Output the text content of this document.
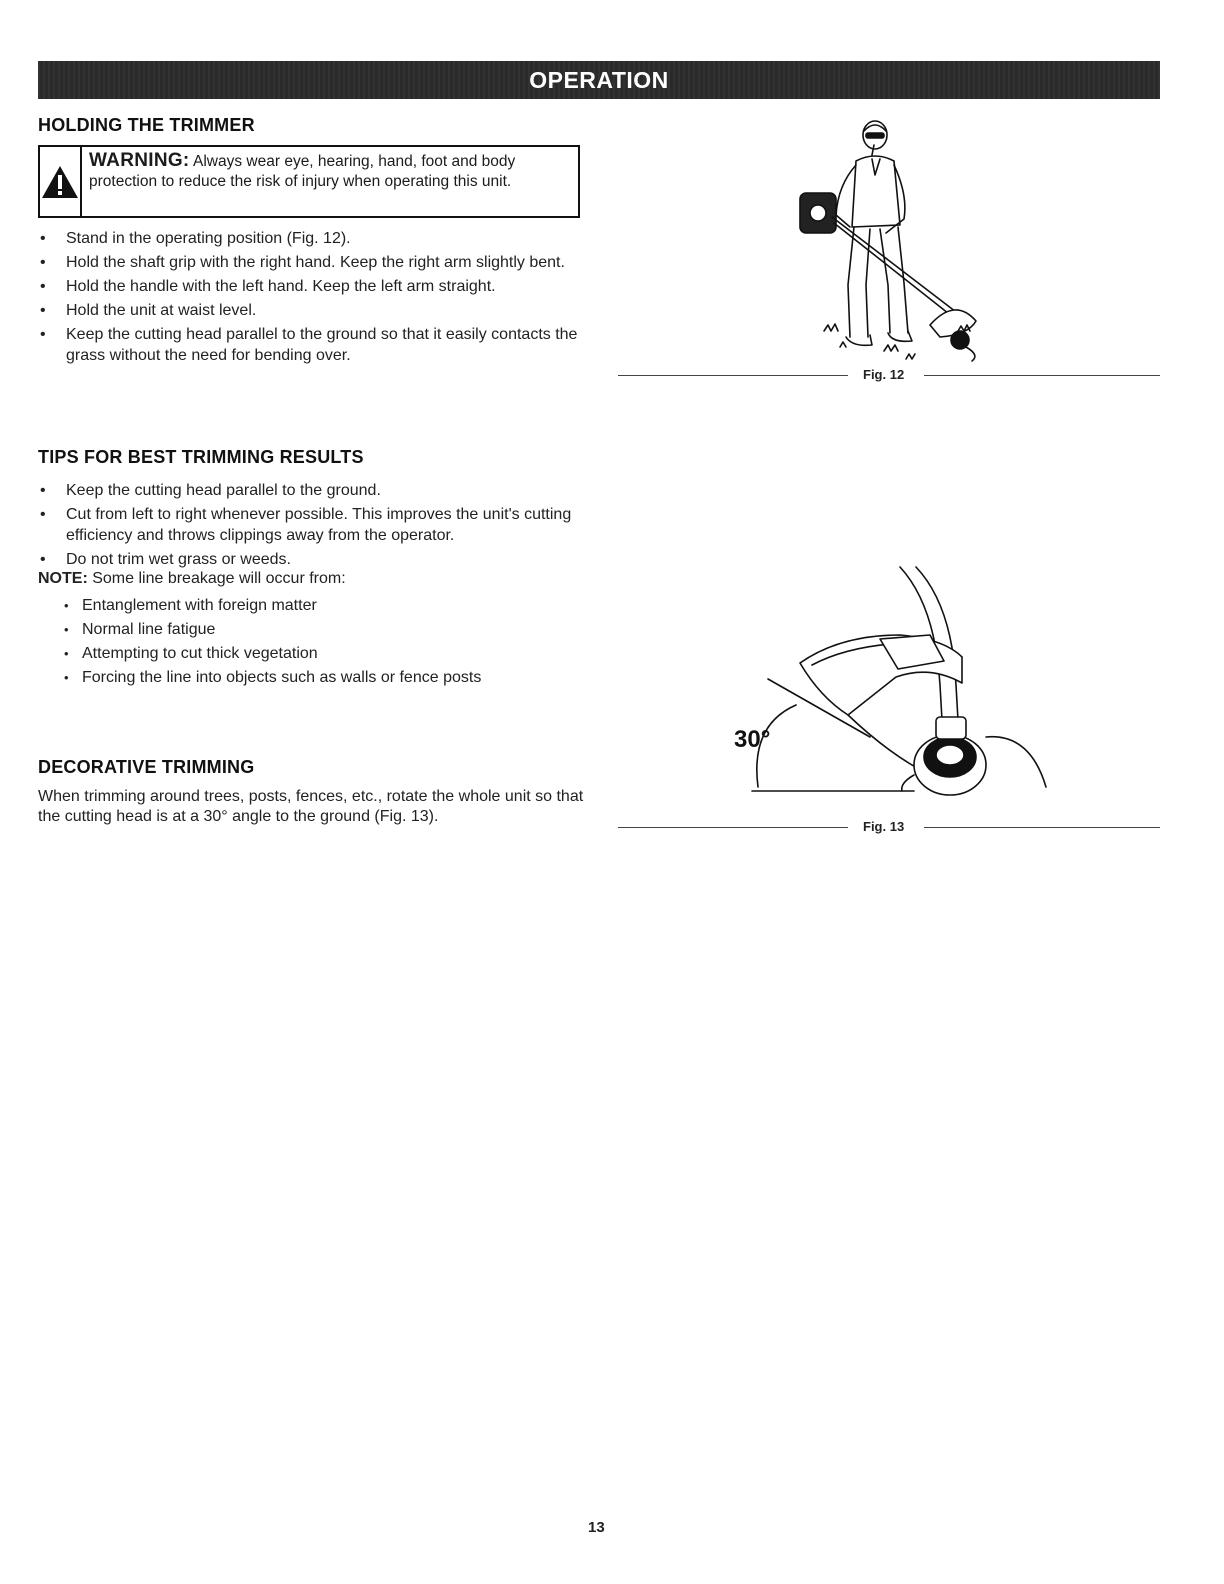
OPERATION
HOLDING THE TRIMMER
WARNING: Always wear eye, hearing, hand, foot and body protection to reduce the risk of injury when operating this unit.
• Stand in the operating position (Fig. 12).
• Hold the shaft grip with the right hand. Keep the right arm slightly bent.
• Hold the handle with the left hand. Keep the left arm straight.
• Hold the unit at waist level.
• Keep the cutting head parallel to the ground so that it easily contacts the grass without the need for bending over.
TIPS FOR BEST TRIMMING RESULTS
• Keep the cutting head parallel to the ground.
• Cut from left to right whenever possible. This improves the unit's cutting efficiency and throws clippings away from the operator.
• Do not trim wet grass or weeds.

NOTE: Some line breakage will occur from:

• Entanglement with foreign matter
• Normal line fatigue
• Attempting to cut thick vegetation
• Forcing the line into objects such as walls or fence posts
DECORATIVE TRIMMING

When trimming around trees, posts, fences, etc., rotate the whole unit so that the cutting head is at a 30° angle to the ground (Fig. 13).

Fig. 12
30°
Fig. 13
13
